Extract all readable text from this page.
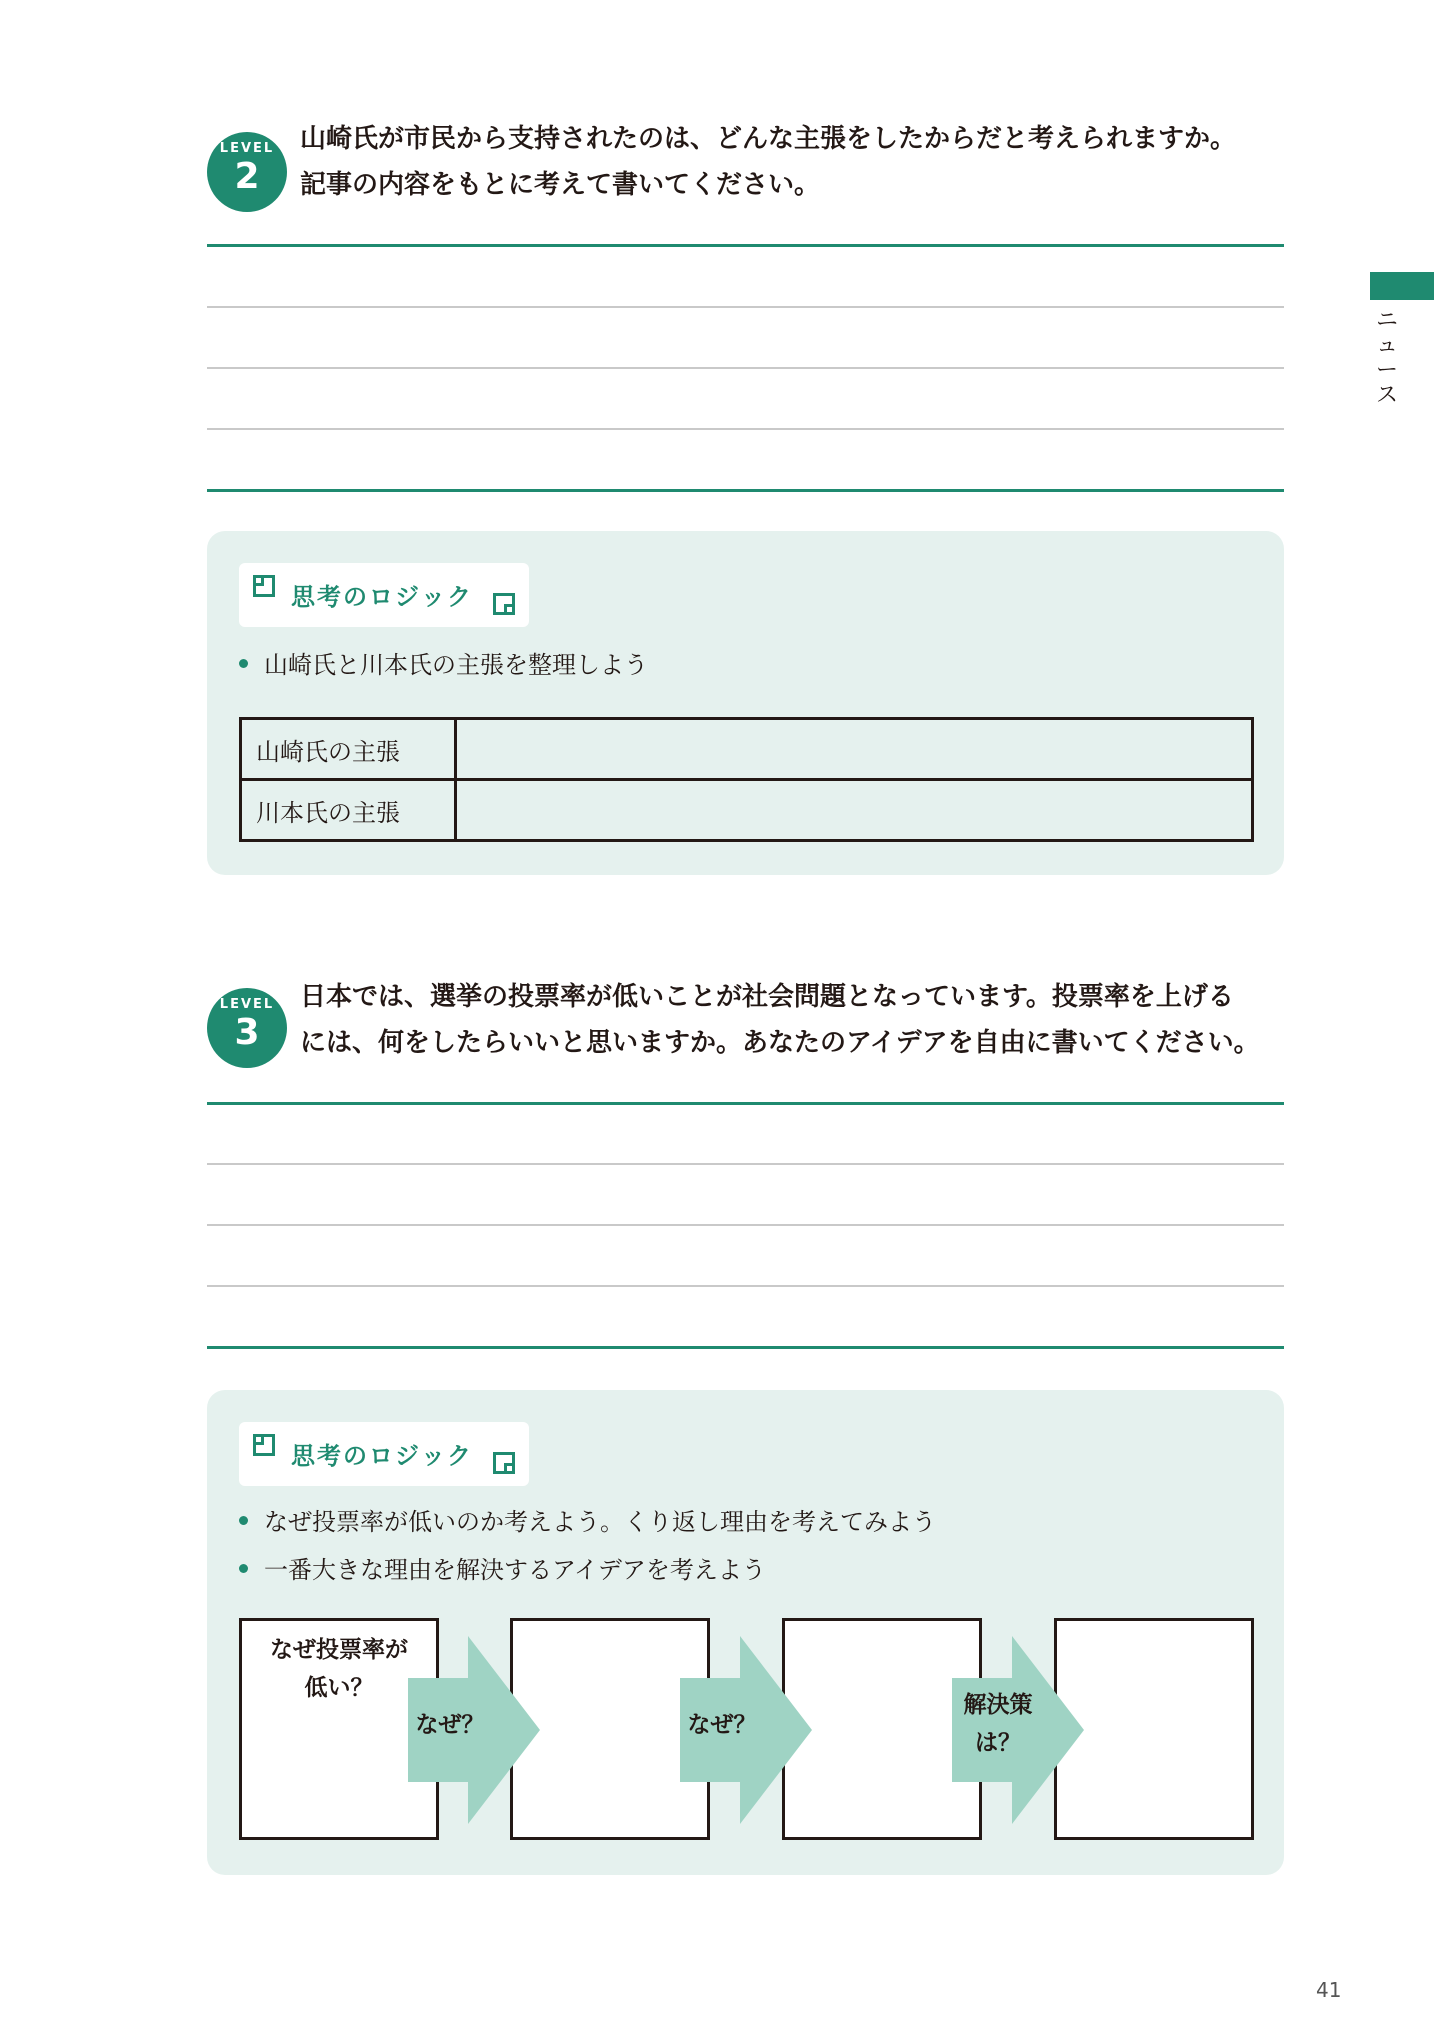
ニ
ュ
ー
ス
LEVEL
2
山崎氏が市民から支持されたのは、どんな主張をしたからだと考えられますか。
記事の内容をもとに考えて書いてください。
思考のロジック
山崎氏と川本氏の主張を整理しよう
山崎氏の主張	
川本氏の主張	
LEVEL
3
日本では、選挙の投票率が低いことが社会問題となっています。投票率を上げる
には、何をしたらいいと思いますか。あなたのアイデアを自由に書いてください。
思考のロジック
なぜ投票率が低いのか考えよう。くり返し理由を考えてみよう
一番大きな理由を解決するアイデアを考えよう
なぜ投票率が
低い？
なぜ？	なぜ？
解決策
は？
41
